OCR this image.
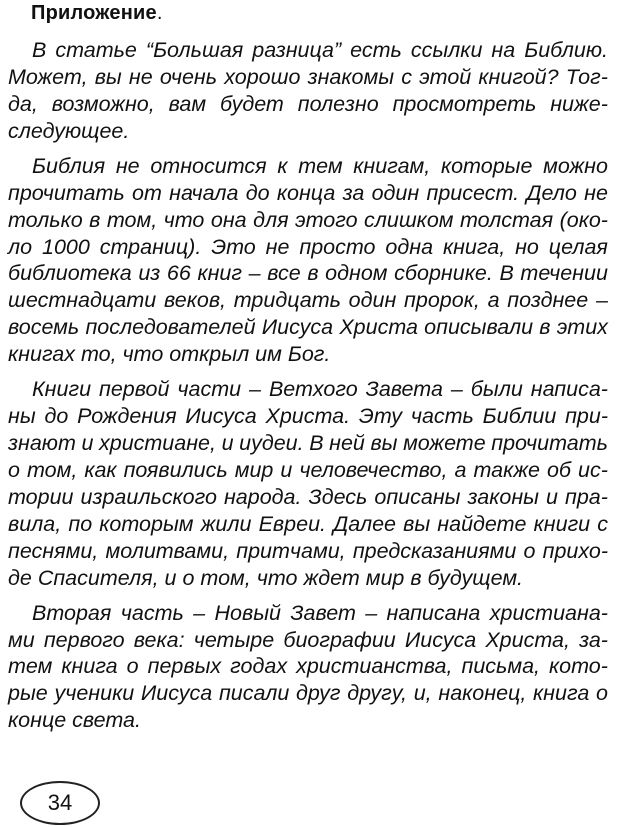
Приложение.
В статье “Большая разница” есть ссылки на Библию.
Может, вы не очень хорошо знакомы с этой книгой? Тог-
да, возможно, вам будет полезно просмотреть ниже-
следующее.
Библия не относится к тем книгам, которые можно
прочитать от начала до конца за один присест. Дело не
только в том, что она для этого слишком толстая (око-
ло 1000 страниц). Это не просто одна книга, но целая
библиотека из 66 книг – все в одном сборнике. В течении
шестнадцати веков, тридцать один пророк, а позднее –
восемь последователей Иисуса Христа описывали в этих
книгах то, что открыл им Бог.
Книги первой части – Ветхого Завета – были написа-
ны до Рождения Иисуса Христа. Эту часть Библии при-
знают и христиане, и иудеи. В ней вы можете прочитать
о том, как появились мир и человечество, а также об ис-
тории израильского народа. Здесь описаны законы и пра-
вила, по которым жили Евреи. Далее вы найдете книги с
песнями, молитвами, притчами, предсказаниями о прихо-
де Спасителя, и о том, что ждет мир в будущем.
Вторая часть – Новый Завет – написана христиана-
ми первого века: четыре биографии Иисуса Христа, за-
тем книга о первых годах христианства, письма, кото-
рые ученики Иисуса писали друг другу, и, наконец, книга о
конце света.
34
